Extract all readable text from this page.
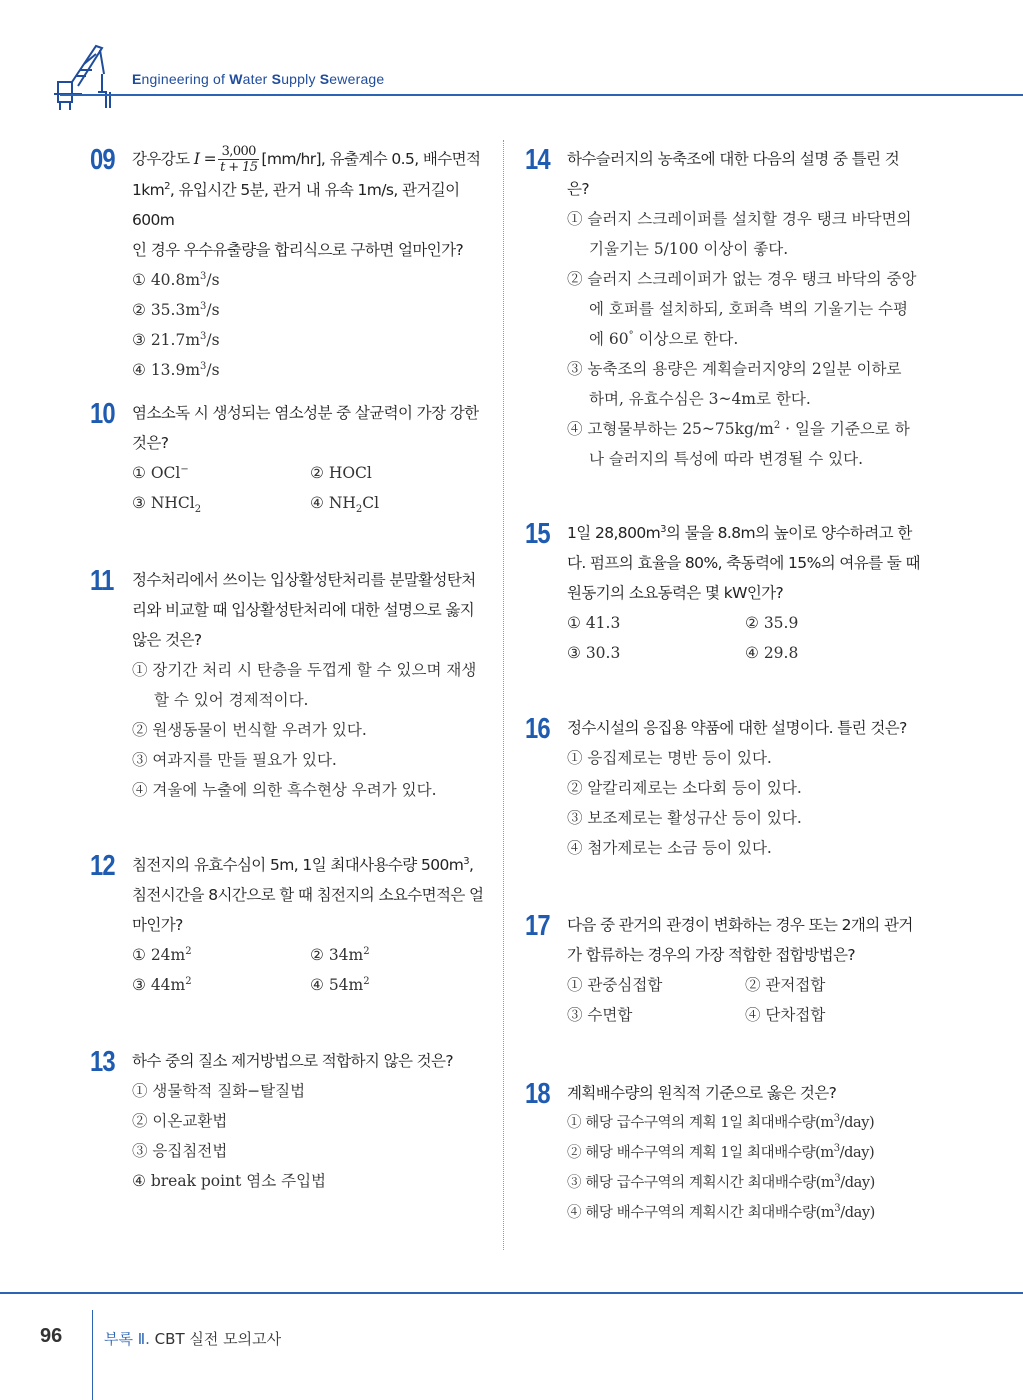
Engineering of Water Supply Sewerage
09 강우강도 $I = \frac{3,000}{t + 15} [mm/hr]$, 유출계수 0.5, 배수면적
$1km^2$, 유입시간 5분, 관거 내 유속 1m/s, 관거길이 600m
인 경우 우수유출량을 합리식으로 구하면 얼마인가?
① $40.8m^3/s$
② $35.3m^3/s$
③ $21.7m^3/s$
④ $13.9m^3/s$
10 염소소독 시 생성되는 염소성분 중 살균력이 가장 강한 것은?
① OCl−	② HOCl
③ NHCl$_2$	④ $NH_2Cl$
11 정수처리에서 쓰이는 입상활성탄처리를 분말활성탄처리와 비교할 때 입상활성탄처리에 대한 설명으로 옳지 않은 것은?
① 장기간 처리 시 탄층을 두껍게 할 수 있으며 재생할 수 있어 경제적이다.
② 원생동물이 번식할 우려가 있다.
③ 여과지를 만들 필요가 있다.
④ 겨울에 누출에 의한 흑수현상 우려가 있다.
12 침전지의 유효수심이 5m, 1일 최대사용수량 $500m^3$, 침전시간을 8시간으로 할 때 침전지의 소요수면적은 얼마인가?
① $24m^2$	② $34m^2$
③ $44m^2$	④ $54m^2$
13 하수 중의 질소 제거방법으로 적합하지 않은 것은?
① 생물학적 질화−탈질법
② 이온교환법
③ 응집침전법
④ break point 염소 주입법
14 하수슬러지의 농축조에 대한 다음의 설명 중 틀린 것은?
① 슬러지 스크레이퍼를 설치할 경우 탱크 바닥면의 기울기는 5/100 이상이 좋다.
② 슬러지 스크레이퍼가 없는 경우 탱크 바닥의 중앙에 호퍼를 설치하되, 호퍼측 벽의 기울기는 수평에 60° 이상으로 한다.
③ 농축조의 용량은 계획슬러지양의 2일분 이하로 하며, 유효수심은 3~4m로 한다.
④ 고형물부하는 $25\sim 75kg/m^2$ · 일을 기준으로 하나 슬러지의 특성에 따라 변경될 수 있다.
15 1일 $28,800m^3$의 물을 8.8m의 높이로 양수하려고 한다. 펌프의 효율을 80%, 축동력에 15%의 여유를 둘 때 원동기의 소요동력은 몇 kW인가?
① 41.3	② 35.9
③ 30.3	④ 29.8
16 정수시설의 응집용 약품에 대한 설명이다. 틀린 것은?
① 응집제로는 명반 등이 있다.
② 알칼리제로는 소다회 등이 있다.
③ 보조제로는 활성규산 등이 있다.
④ 첨가제로는 소금 등이 있다.
17 다음 중 관거의 관경이 변화하는 경우 또는 2개의 관거가 합류하는 경우의 가장 적합한 접합방법은?
① 관중심접합	② 관저접합
③ 수면합	④ 단차접합
18 계획배수량의 원칙적 기준으로 옳은 것은?
① 해당 급수구역의 계획 1일 최대배수량$(m^3/day)$
② 해당 배수구역의 계획 1일 최대배수량$(m^3/day)$
③ 해당 급수구역의 계획시간 최대배수량$(m^3/day)$
④ 해당 배수구역의 계획시간 최대배수량$(m^3/day)$
96	부록 Ⅱ. CBT 실전 모의고사
